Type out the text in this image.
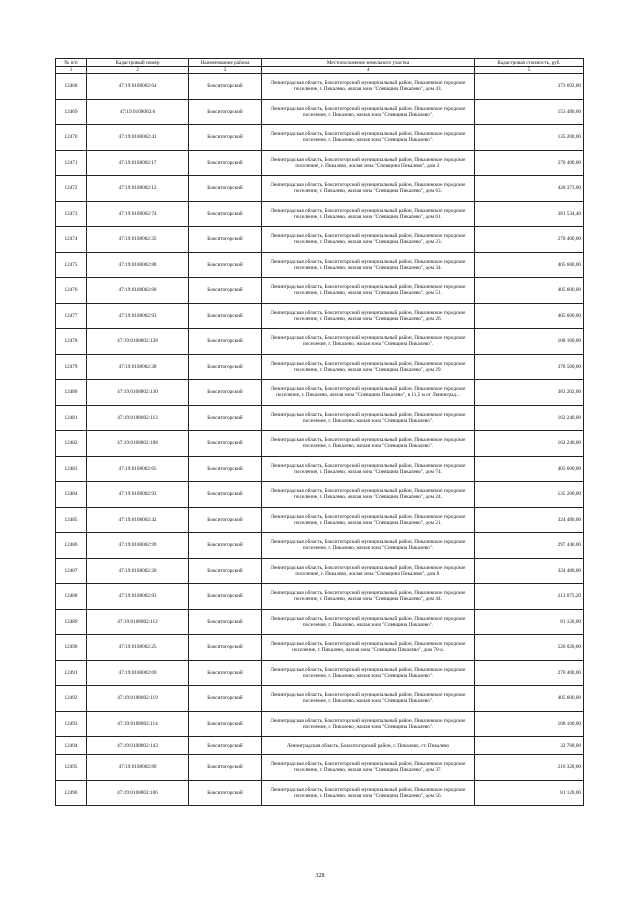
№ п/п	Кадастровый номер	Наименование района	Местоположение земельного участка	Кадастровая стоимость, руб.
1	2	3	4	5
12468	47:19:0108002:64	Бокситогорский	Ленинградская область, Бокситогорский муниципальный район, Пикалевское городское поселение, г. Пикалево, жилая зона "Спевщина Пикалево", дом 43.	373 692,80
12469	47:19:0108002:6	Бокситогорский	Ленинградская область, Бокситогорский муниципальный район, Пикалевское городское поселение, г. Пикалево, жилая зона "Спевщина Пикалево".	153 480,60
12470	47:19:0108002:41	Бокситогорский	Ленинградская область, Бокситогорский муниципальный район, Пикалевское городское поселение, г. Пикалево, жилая зона "Спевщина Пикалево".	135 200,00
12471	47:19:0108002:17	Бокситогорский	Ленинградская область, Бокситогорский муниципальный район, Пикалевское городское поселение, г. Пикалево, жилая зона "Спевщина Пикалево", дом 2.	270 400,00
12472	47:19:0108002:12	Бокситогорский	Ленинградская область, Бокситогорский муниципальный район, Пикалевское городское поселение, г. Пикалево, жилая зона "Спевщина Пикалево", дом 63.	428 373,00
12473	47:19:0108002:74	Бокситогорский	Ленинградская область, Бокситогорский муниципальный район, Пикалевское городское поселение, г. Пикалево, жилая зона "Спевщина Пикалево", дом 61.	381 534,40
12474	47:19:0108002:35	Бокситогорский	Ленинградская область, Бокситогорский муниципальный район, Пикалевское городское поселение, г. Пикалево, жилая зона "Спевщина Пикалево", дом 23.	270 400,00
12475	47:19:0108002:88	Бокситогорский	Ленинградская область, Бокситогорский муниципальный район, Пикалевское городское поселение, г. Пикалево, жилая зона "Спевщина Пикалево", дом 34.	405 600,00
12476	47:19:0108002:68	Бокситогорский	Ленинградская область, Бокситогорский муниципальный район, Пикалевское городское поселение, г. Пикалево, жилая зона "Спевщина Пикалево", дом 51.	405 600,00
12477	47:19:0108002:93	Бокситогорский	Ленинградская область, Бокситогорский муниципальный район, Пикалевское городское поселение, г. Пикалево, жилая зона "Спевщина Пикалево", дом 26.	405 600,00
12478	47:19:0108002:128	Бокситогорский	Ленинградская область, Бокситогорский муниципальный район, Пикалевское городское поселение, г. Пикалево, жилая зона "Спевщина Пикалево".	108 160,00
12479	47:19:0108002:38	Бокситогорский	Ленинградская область, Бокситогорский муниципальный район, Пикалевское городское поселение, г. Пикалево, жилая зона "Спевщина Пикалево", дом 29.	378 560,00
12480	47:19:0108002:130	Бокситогорский	Ленинградская область, Бокситогорский муниципальный район, Пикалевское городское поселение, г. Пикалево, жилая зона "Спевщина Пикалево", в 11,5 м от Ленинград...	383 202,00
12481	47:19:0108002:113	Бокситогорский	Ленинградская область, Бокситогорский муниципальный район, Пикалевское городское поселение, г. Пикалево, жилая зона "Спевщина Пикалево".	162 240,00
12482	47:19:0108002:108	Бокситогорский	Ленинградская область, Бокситогорский муниципальный район, Пикалевское городское поселение, г. Пикалево, жилая зона "Спевщина Пикалево".	162 240,00
12483	47:19:0108002:65	Бокситогорский	Ленинградская область, Бокситогорский муниципальный район, Пикалевское городское поселение, г. Пикалево, жилая зона "Спевщина Пикалево", дом 74.	405 600,00
12484	47:19:0108002:93	Бокситогорский	Ленинградская область, Бокситогорский муниципальный район, Пикалевское городское поселение, г. Пикалево, жилая зона "Спевщина Пикалево", дом 24.	135 200,00
12485	47:19:0108002:42	Бокситогорский	Ленинградская область, Бокситогорский муниципальный район, Пикалевское городское поселение, г. Пикалево, жилая зона "Спевщина Пикалево", дом 21.	324 480,00
12486	47:19:0108002:99	Бокситогорский	Ленинградская область, Бокситогорский муниципальный район, Пикалевское городское поселение, г. Пикалево, жилая зона "Спевщина Пикалево".	297 440,00
12487	47:19:0108002:20	Бокситогорский	Ленинградская область, Бокситогорский муниципальный район, Пикалевское городское поселение, г. Пикалево, жилая зона "Спевщина Пикалево", дом 8.	324 480,00
12488	47:19:0108002:83	Бокситогорский	Ленинградская область, Бокситогорский муниципальный район, Пикалевское городское поселение, г. Пикалево, жилая зона "Спевщина Пикалево", дом 44.	213 075,20
12489	47:19:0108002:112	Бокситогорский	Ленинградская область, Бокситогорский муниципальный район, Пикалевское городское поселение, г. Пикалево, жилая зона "Спевщина Пикалево".	81 120,00
12490	47:19:0108002:25	Бокситогорский	Ленинградская область, Бокситогорский муниципальный район, Пикалевское городское поселение, г. Пикалево, жилая зона "Спевщина Пикалево", дом 70-а.	520 020,00
12491	47:19:0108002:69	Бокситогорский	Ленинградская область, Бокситогорский муниципальный район, Пикалевское городское поселение, г. Пикалево, жилая зона "Спевщина Пикалево".	270 400,00
12492	47:19:0108002:119	Бокситогорский	Ленинградская область, Бокситогорский муниципальный район, Пикалевское городское поселение, г. Пикалево, жилая зона "Спевщина Пикалево".	405 600,00
12493	47:19:0108002:114	Бокситогорский	Ленинградская область, Бокситогорский муниципальный район, Пикалевское городское поселение, г. Пикалево, жилая зона "Спевщина Пикалево".	108 160,00
12494	47:19:0108002:143	Бокситогорский	Ленинградская область, Бокситогорский район, г. Пикалево, ст. Пикалево	32 768,00
12495	47:19:0108002:89	Бокситогорский	Ленинградская область, Бокситогорский муниципальный район, Пикалевское городское поселение, г. Пикалево, жилая зона "Спевщина Пикалево", дом 37.	216 320,00
12496	47:19:0108002:106	Бокситогорский	Ленинградская область, Бокситогорский муниципальный район, Пикалевское городское поселение, г. Пикалево, жилая зона "Спевщина Пикалево", дом 56.	81 120,00
328
